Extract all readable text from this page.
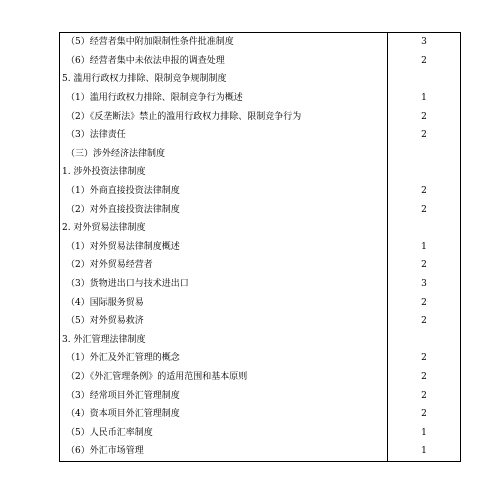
（5）经营者集中附加限制性条件批准制度	3
（6）经营者集中未依法申报的调查处理	2
5. 滥用行政权力排除、限制竞争规制制度	
（1）滥用行政权力排除、限制竞争行为概述	1
（2）《反垄断法》禁止的滥用行政权力排除、限制竞争行为	2
（3）法律责任	2
（三）涉外经济法律制度	
1. 涉外投资法律制度	
（1）外商直接投资法律制度	2
（2）对外直接投资法律制度	2
2. 对外贸易法律制度	
（1）对外贸易法律制度概述	1
（2）对外贸易经营者	2
（3）货物进出口与技术进出口	3
（4）国际服务贸易	2
（5）对外贸易救济	2
3. 外汇管理法律制度	
（1）外汇及外汇管理的概念	2
（2）《外汇管理条例》的适用范围和基本原则	2
（3）经常项目外汇管理制度	2
（4）资本项目外汇管理制度	2
（5）人民币汇率制度	1
（6）外汇市场管理	1
